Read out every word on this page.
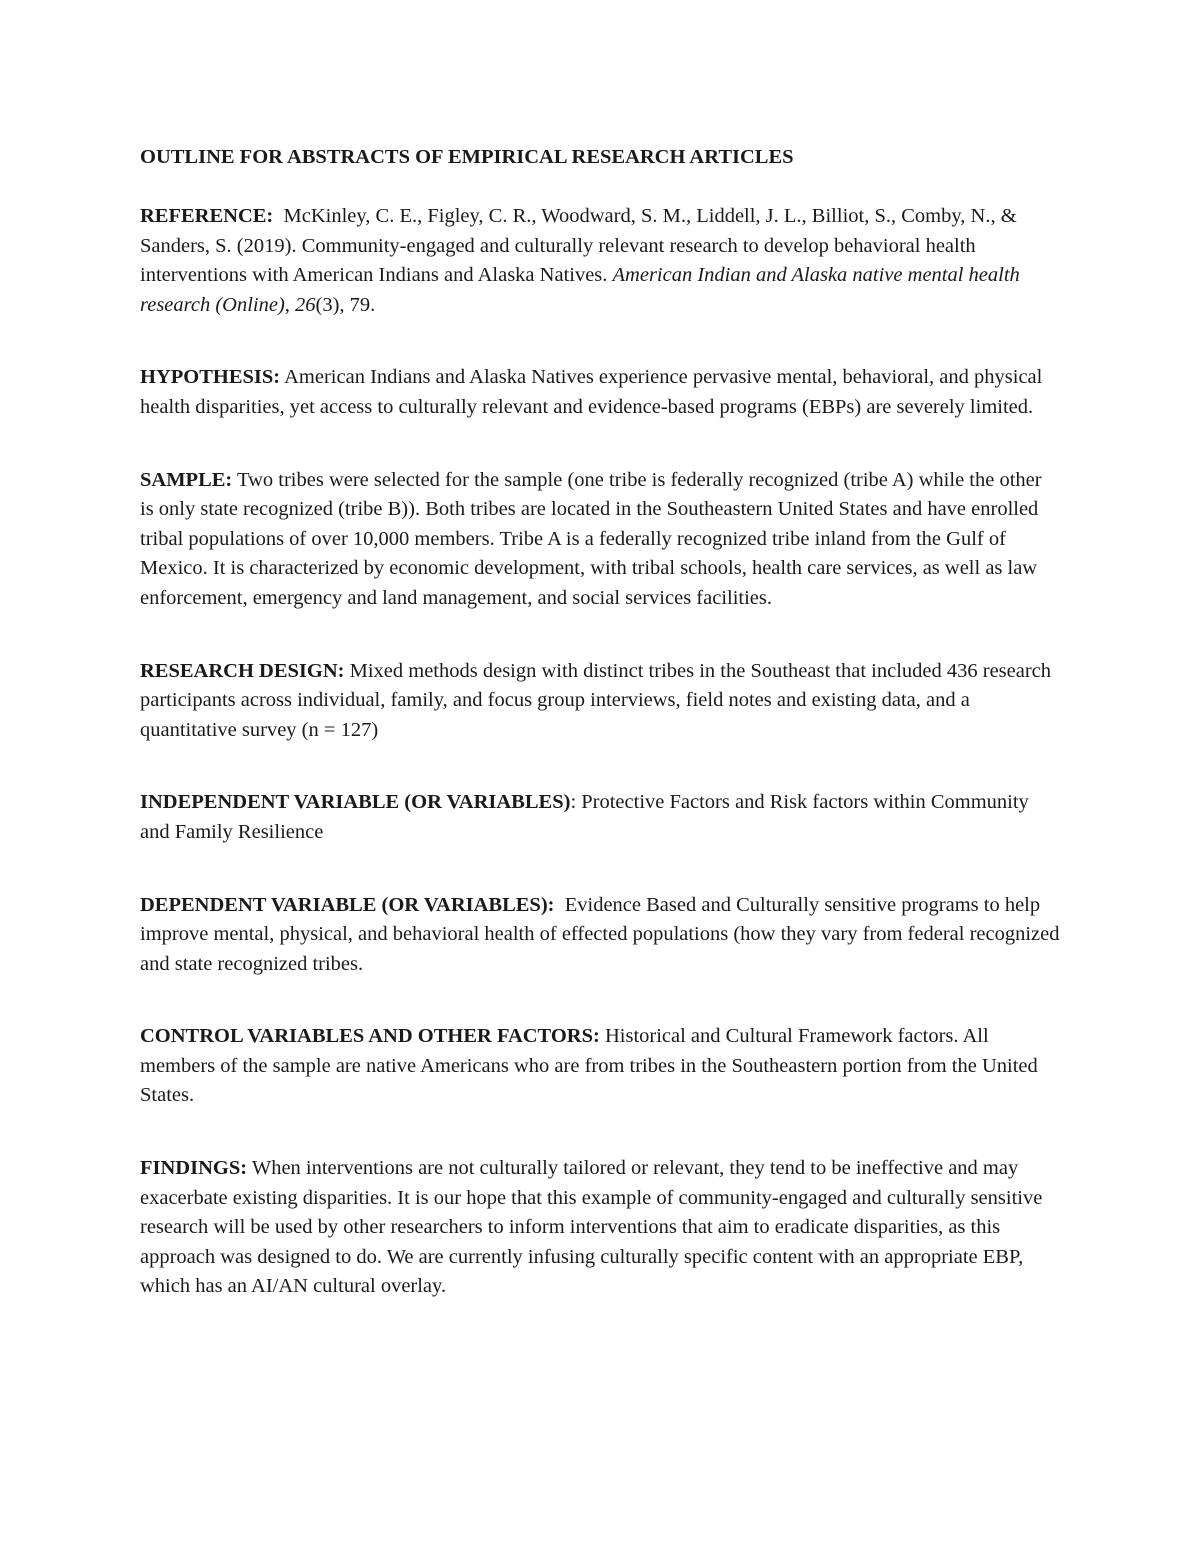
OUTLINE FOR ABSTRACTS OF EMPIRICAL RESEARCH ARTICLES
REFERENCE: McKinley, C. E., Figley, C. R., Woodward, S. M., Liddell, J. L., Billiot, S., Comby, N., & Sanders, S. (2019). Community-engaged and culturally relevant research to develop behavioral health interventions with American Indians and Alaska Natives. American Indian and Alaska native mental health research (Online), 26(3), 79.
HYPOTHESIS: American Indians and Alaska Natives experience pervasive mental, behavioral, and physical health disparities, yet access to culturally relevant and evidence-based programs (EBPs) are severely limited.
SAMPLE: Two tribes were selected for the sample (one tribe is federally recognized (tribe A) while the other is only state recognized (tribe B)). Both tribes are located in the Southeastern United States and have enrolled tribal populations of over 10,000 members. Tribe A is a federally recognized tribe inland from the Gulf of Mexico. It is characterized by economic development, with tribal schools, health care services, as well as law enforcement, emergency and land management, and social services facilities.
RESEARCH DESIGN: Mixed methods design with distinct tribes in the Southeast that included 436 research participants across individual, family, and focus group interviews, field notes and existing data, and a quantitative survey (n = 127)
INDEPENDENT VARIABLE (OR VARIABLES): Protective Factors and Risk factors within Community and Family Resilience
DEPENDENT VARIABLE (OR VARIABLES): Evidence Based and Culturally sensitive programs to help improve mental, physical, and behavioral health of effected populations (how they vary from federal recognized and state recognized tribes.
CONTROL VARIABLES AND OTHER FACTORS: Historical and Cultural Framework factors. All members of the sample are native Americans who are from tribes in the Southeastern portion from the United States.
FINDINGS: When interventions are not culturally tailored or relevant, they tend to be ineffective and may exacerbate existing disparities. It is our hope that this example of community-engaged and culturally sensitive research will be used by other researchers to inform interventions that aim to eradicate disparities, as this approach was designed to do. We are currently infusing culturally specific content with an appropriate EBP, which has an AI/AN cultural overlay.
